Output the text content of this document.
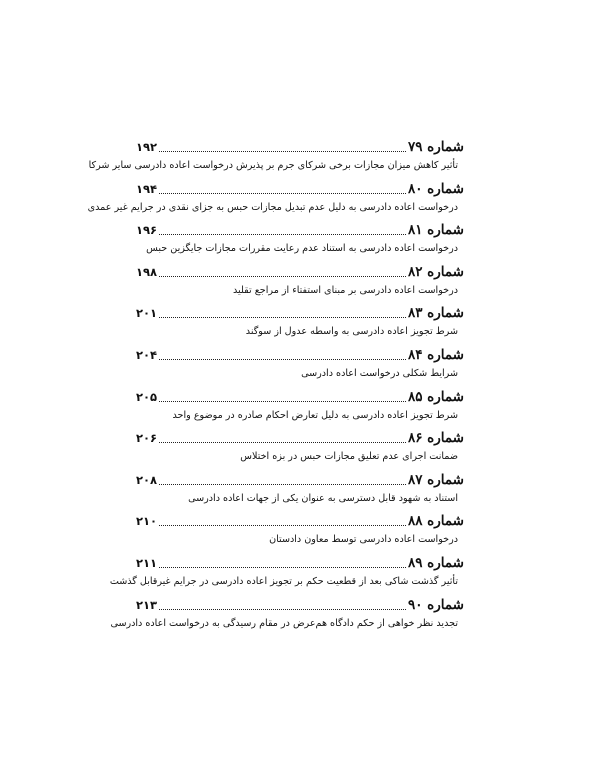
شماره ۷۹
۱۹۲
تأثیر کاهش میزان مجازات برخی شرکای جرم بر پذیرش درخواست اعاده دادرسی سایر شرکا
شماره ۸۰
۱۹۴
درخواست اعاده دادرسی به دلیل عدم تبدیل مجازات حبس به جزای نقدی در جرایم غیر عمدی
شماره ۸۱
۱۹۶
درخواست اعاده دادرسی به استناد عدم رعایت مقررات مجازات جایگزین حبس
شماره ۸۲
۱۹۸
درخواست اعاده دادرسی بر مبنای استفتاء از مراجع تقلید
شماره ۸۳
۲۰۱
شرط تجویز اعاده دادرسی به واسطه عدول از سوگند
شماره ۸۴
۲۰۴
شرایط شکلی درخواست اعاده دادرسی
شماره ۸۵
۲۰۵
شرط تجویز اعاده دادرسی به دلیل تعارض احکام صادره در موضوع واحد
شماره ۸۶
۲۰۶
ضمانت اجرای عدم تعلیق مجازات حبس در بزه اختلاس
شماره ۸۷
۲۰۸
استناد به شهود قابل دسترسی به عنوان یکی از جهات اعاده دادرسی
شماره ۸۸
۲۱۰
درخواست اعاده دادرسی توسط معاون دادستان
شماره ۸۹
۲۱۱
تأثیر گذشت شاکی بعد از قطعیت حکم بر تجویز اعاده دادرسی در جرایم غیرقابل گذشت
شماره ۹۰
۲۱۳
تجدید نظر خواهی از حکم دادگاه هم‌عرض در مقام رسیدگی به درخواست اعاده دادرسی
